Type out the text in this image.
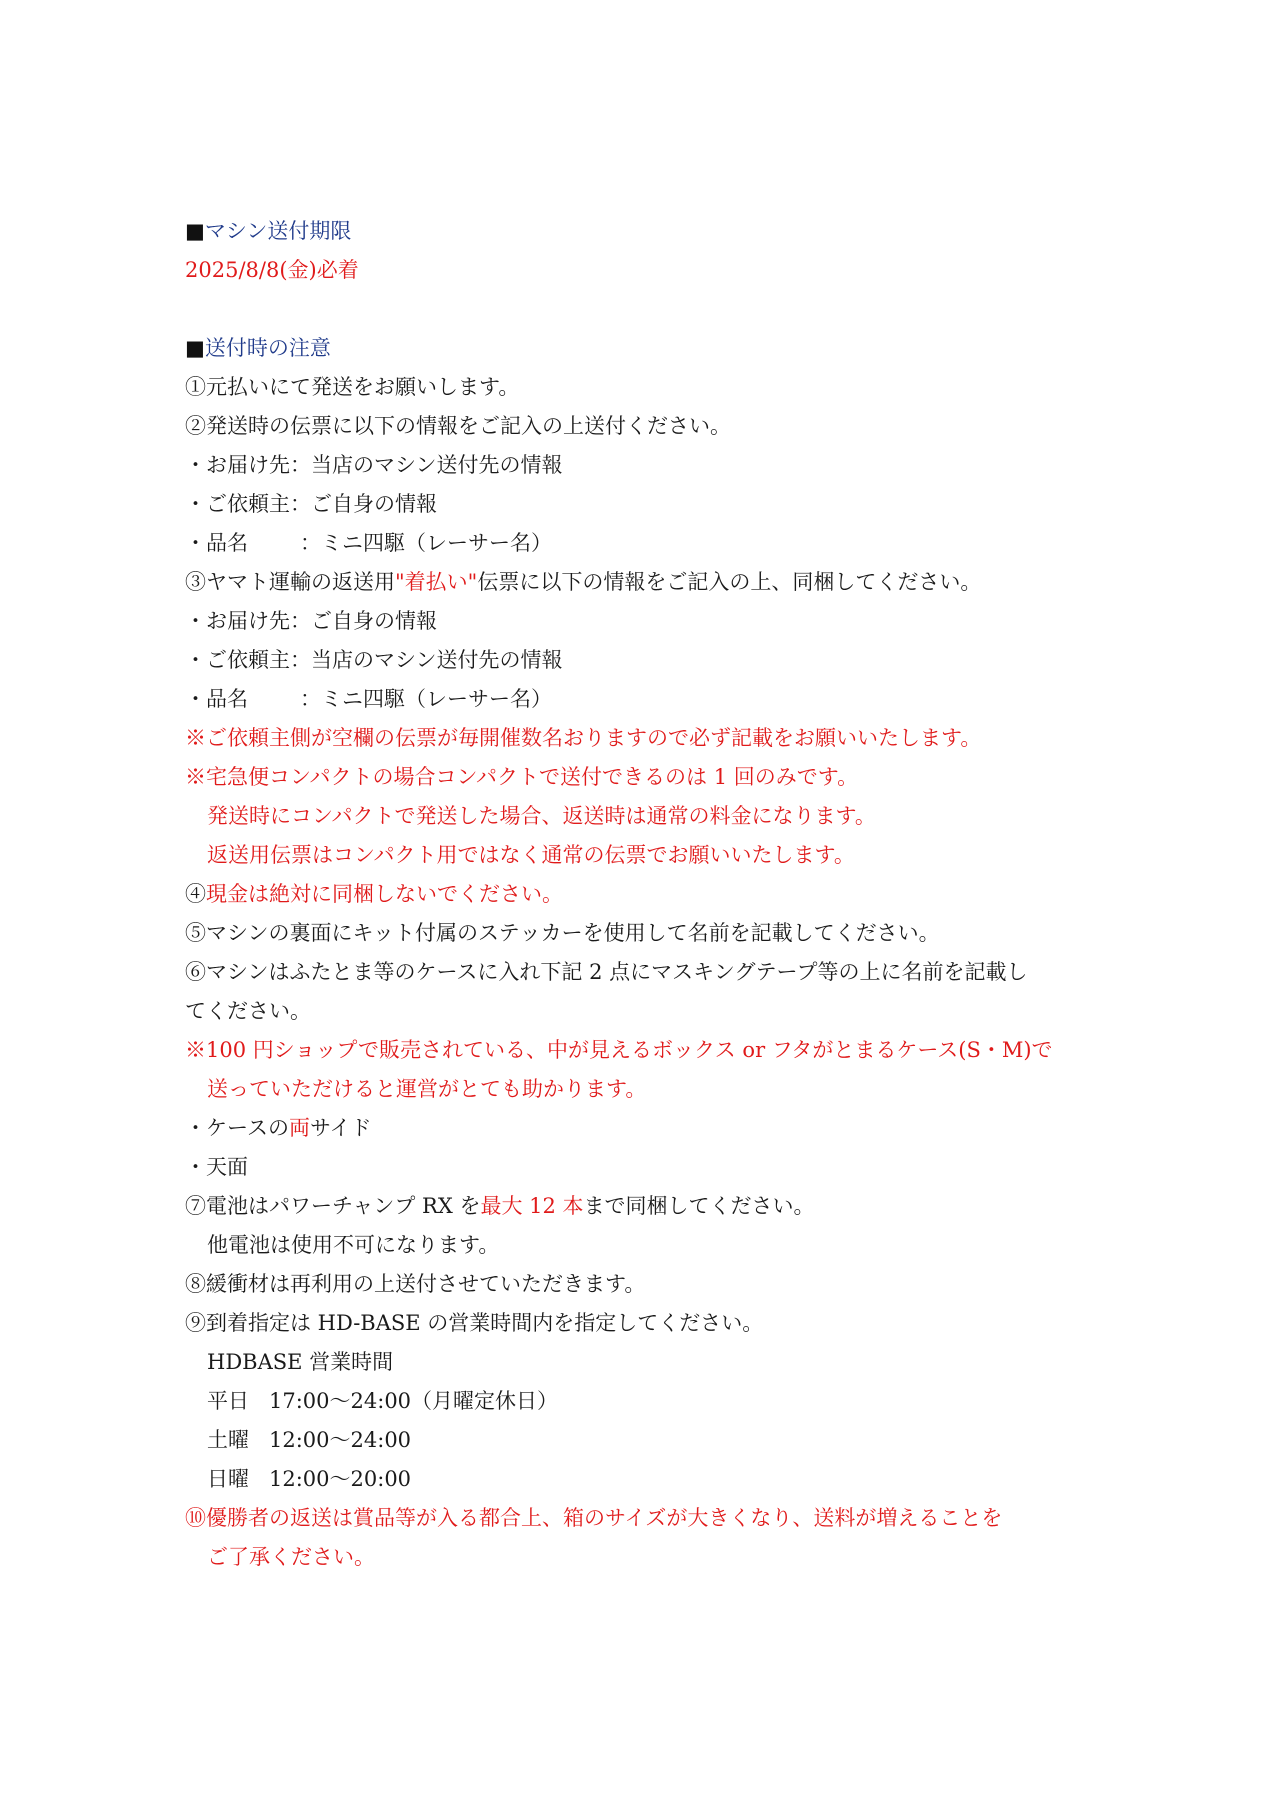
■マシン送付期限
2025/8/8(金)必着
■送付時の注意
①元払いにて発送をお願いします。
②発送時の伝票に以下の情報をご記入の上送付ください。
・お届け先：当店のマシン送付先の情報
・ご依頼主：ご自身の情報
・品名 ：ミニ四駆（レーサー名）
③ヤマト運輸の返送用"着払い"伝票に以下の情報をご記入の上、同梱してください。
・お届け先：ご自身の情報
・ご依頼主：当店のマシン送付先の情報
・品名 ：ミニ四駆（レーサー名）
※ご依頼主側が空欄の伝票が毎開催数名おりますので必ず記載をお願いいたします。
※宅急便コンパクトの場合コンパクトで送付できるのは 1 回のみです。
発送時にコンパクトで発送した場合、返送時は通常の料金になります。
返送用伝票はコンパクト用ではなく通常の伝票でお願いいたします。
④現金は絶対に同梱しないでください。
⑤マシンの裏面にキット付属のステッカーを使用して名前を記載してください。
⑥マシンはふたとま等のケースに入れ下記 2 点にマスキングテープ等の上に名前を記載し
てください。
※100 円ショップで販売されている、中が見えるボックス or フタがとまるケース(S・M)で
送っていただけると運営がとても助かります。
・ケースの両サイド
・天面
⑦電池はパワーチャンプ RX を最大 12 本まで同梱してください。
他電池は使用不可になります。
⑧緩衝材は再利用の上送付させていただきます。
⑨到着指定は HD-BASE の営業時間内を指定してください。
HDBASE 営業時間
平日 17:00～24:00（月曜定休日）
土曜 12:00～24:00
日曜 12:00～20:00
⑩優勝者の返送は賞品等が入る都合上、箱のサイズが大きくなり、送料が増えることを
ご了承ください。
